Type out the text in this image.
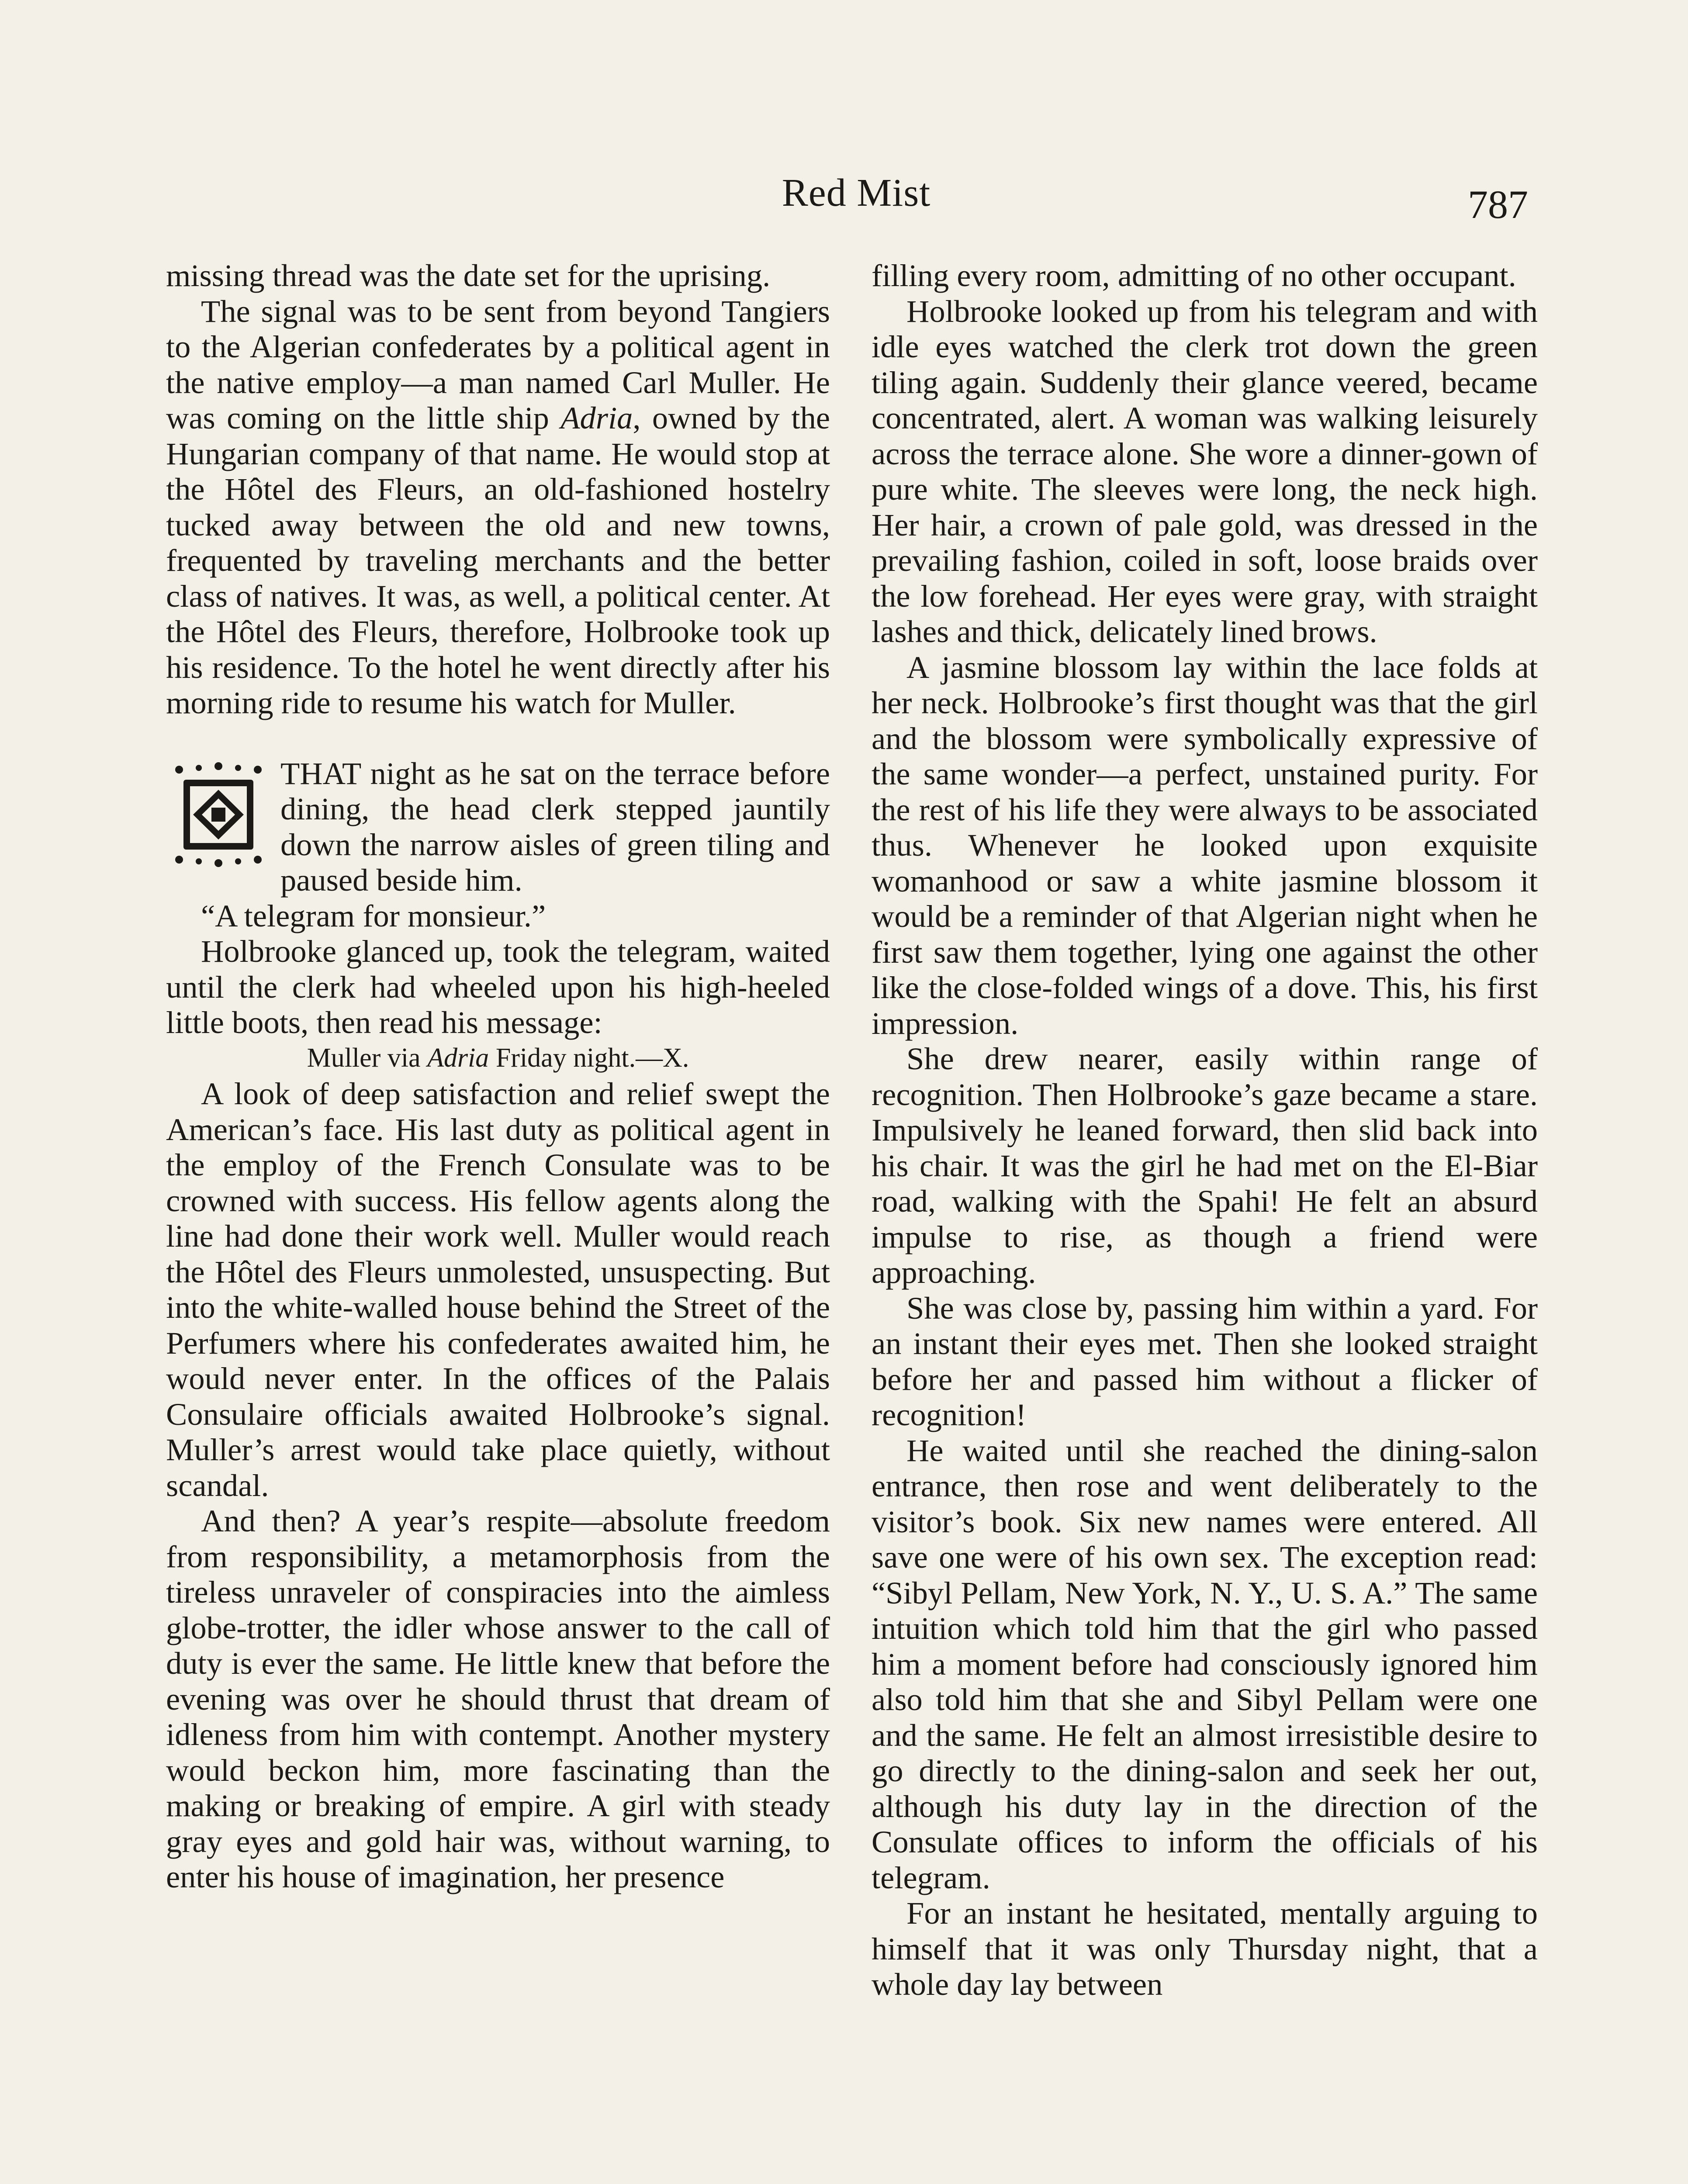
Red Mist	787

missing thread was the date set for the uprising.

The signal was to be sent from beyond Tangiers to the Algerian confederates by a political agent in the native employ—a man named Carl Muller. He was coming on the little ship Adria, owned by the Hungarian company of that name. He would stop at the Hôtel des Fleurs, an old-fashioned hostelry tucked away between the old and new towns, frequented by traveling merchants and the better class of natives. It was, as well, a political center. At the Hôtel des Fleurs, therefore, Holbrooke took up his residence. To the hotel he went directly after his morning ride to resume his watch for Muller.

THAT night as he sat on the terrace before dining, the head clerk stepped jauntily down the narrow aisles of green tiling and paused beside him.

“A telegram for monsieur.”

Holbrooke glanced up, took the telegram, waited until the clerk had wheeled upon his high-heeled little boots, then read his message:

Muller via Adria Friday night.—X.

A look of deep satisfaction and relief swept the American’s face. His last duty as political agent in the employ of the French Consulate was to be crowned with success. His fellow agents along the line had done their work well. Muller would reach the Hôtel des Fleurs unmolested, unsuspecting. But into the white-walled house behind the Street of the Perfumers where his confederates awaited him, he would never enter. In the offices of the Palais Consulaire officials awaited Holbrooke’s signal. Muller’s arrest would take place quietly, without scandal.

And then? A year’s respite—absolute freedom from responsibility, a metamorphosis from the tireless unraveler of conspiracies into the aimless globe-trotter, the idler whose answer to the call of duty is ever the same. He little knew that before the evening was over he should thrust that dream of idleness from him with contempt. Another mystery would beckon him, more fascinating than the making or breaking of empire. A girl with steady gray eyes and gold hair was, without warning, to enter his house of imagination, her presence

filling every room, admitting of no other occupant.

Holbrooke looked up from his telegram and with idle eyes watched the clerk trot down the green tiling again. Suddenly their glance veered, became concentrated, alert. A woman was walking leisurely across the terrace alone. She wore a dinner-gown of pure white. The sleeves were long, the neck high. Her hair, a crown of pale gold, was dressed in the prevailing fashion, coiled in soft, loose braids over the low forehead. Her eyes were gray, with straight lashes and thick, delicately lined brows.

A jasmine blossom lay within the lace folds at her neck. Holbrooke’s first thought was that the girl and the blossom were symbolically expressive of the same wonder—a perfect, unstained purity. For the rest of his life they were always to be associated thus. Whenever he looked upon exquisite womanhood or saw a white jasmine blossom it would be a reminder of that Algerian night when he first saw them together, lying one against the other like the close-folded wings of a dove. This, his first impression.

She drew nearer, easily within range of recognition. Then Holbrooke’s gaze became a stare. Impulsively he leaned forward, then slid back into his chair. It was the girl he had met on the El-Biar road, walking with the Spahi! He felt an absurd impulse to rise, as though a friend were approaching.

She was close by, passing him within a yard. For an instant their eyes met. Then she looked straight before her and passed him without a flicker of recognition!

He waited until she reached the dining-salon entrance, then rose and went deliberately to the visitor’s book. Six new names were entered. All save one were of his own sex. The exception read: “Sibyl Pellam, New York, N. Y., U. S. A.” The same intuition which told him that the girl who passed him a moment before had consciously ignored him also told him that she and Sibyl Pellam were one and the same. He felt an almost irresistible desire to go directly to the dining-salon and seek her out, although his duty lay in the direction of the Consulate offices to inform the officials of his telegram.

For an instant he hesitated, mentally arguing to himself that it was only Thursday night, that a whole day lay between
